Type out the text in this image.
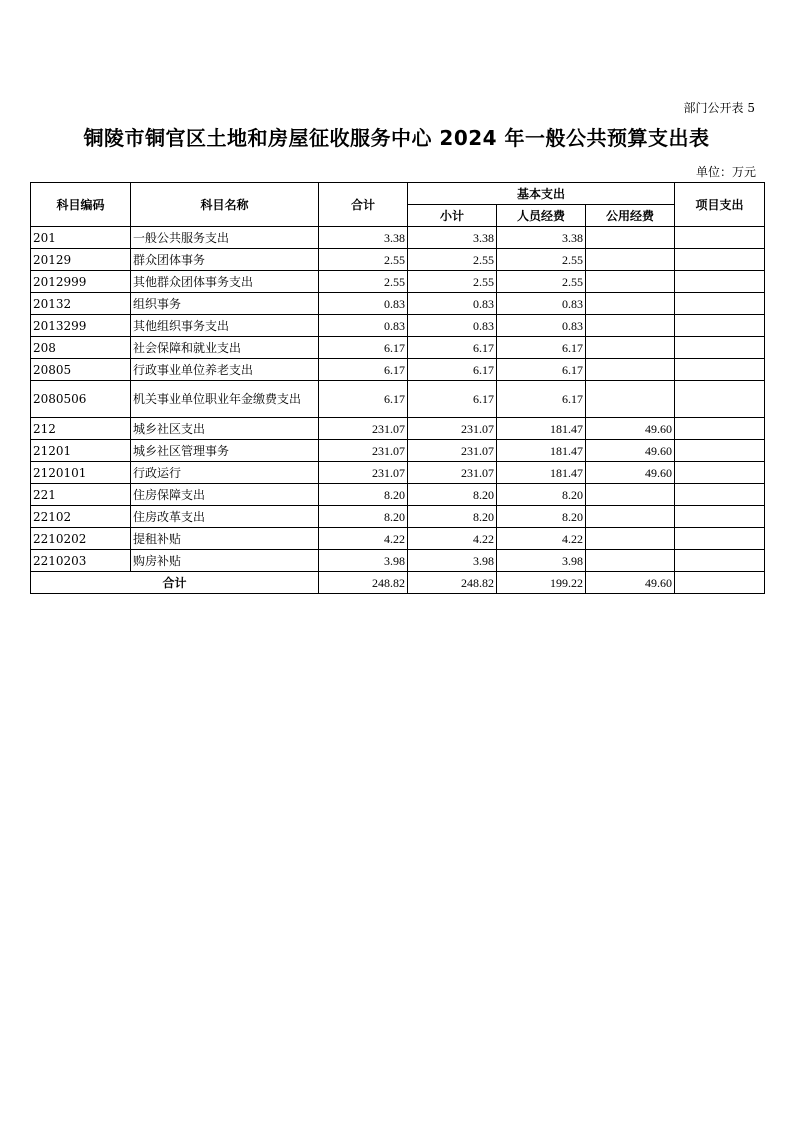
部门公开表 5
铜陵市铜官区土地和房屋征收服务中心 2024 年一般公共预算支出表
单位：万元
科目编码	科目名称	合计	基本支出			项目支出
			小计	人员经费	公用经费	
201	一般公共服务支出	3.38	3.38	3.38		
20129	群众团体事务	2.55	2.55	2.55		
2012999	其他群众团体事务支出	2.55	2.55	2.55		
20132	组织事务	0.83	0.83	0.83		
2013299	其他组织事务支出	0.83	0.83	0.83		
208	社会保障和就业支出	6.17	6.17	6.17		
20805	行政事业单位养老支出	6.17	6.17	6.17		
2080506	机关事业单位职业年金缴费支出	6.17	6.17	6.17		
212	城乡社区支出	231.07	231.07	181.47	49.60	
21201	城乡社区管理事务	231.07	231.07	181.47	49.60	
2120101	行政运行	231.07	231.07	181.47	49.60	
221	住房保障支出	8.20	8.20	8.20		
22102	住房改革支出	8.20	8.20	8.20		
2210202	提租补贴	4.22	4.22	4.22		
2210203	购房补贴	3.98	3.98	3.98		
合计		248.82	248.82	199.22	49.60	
